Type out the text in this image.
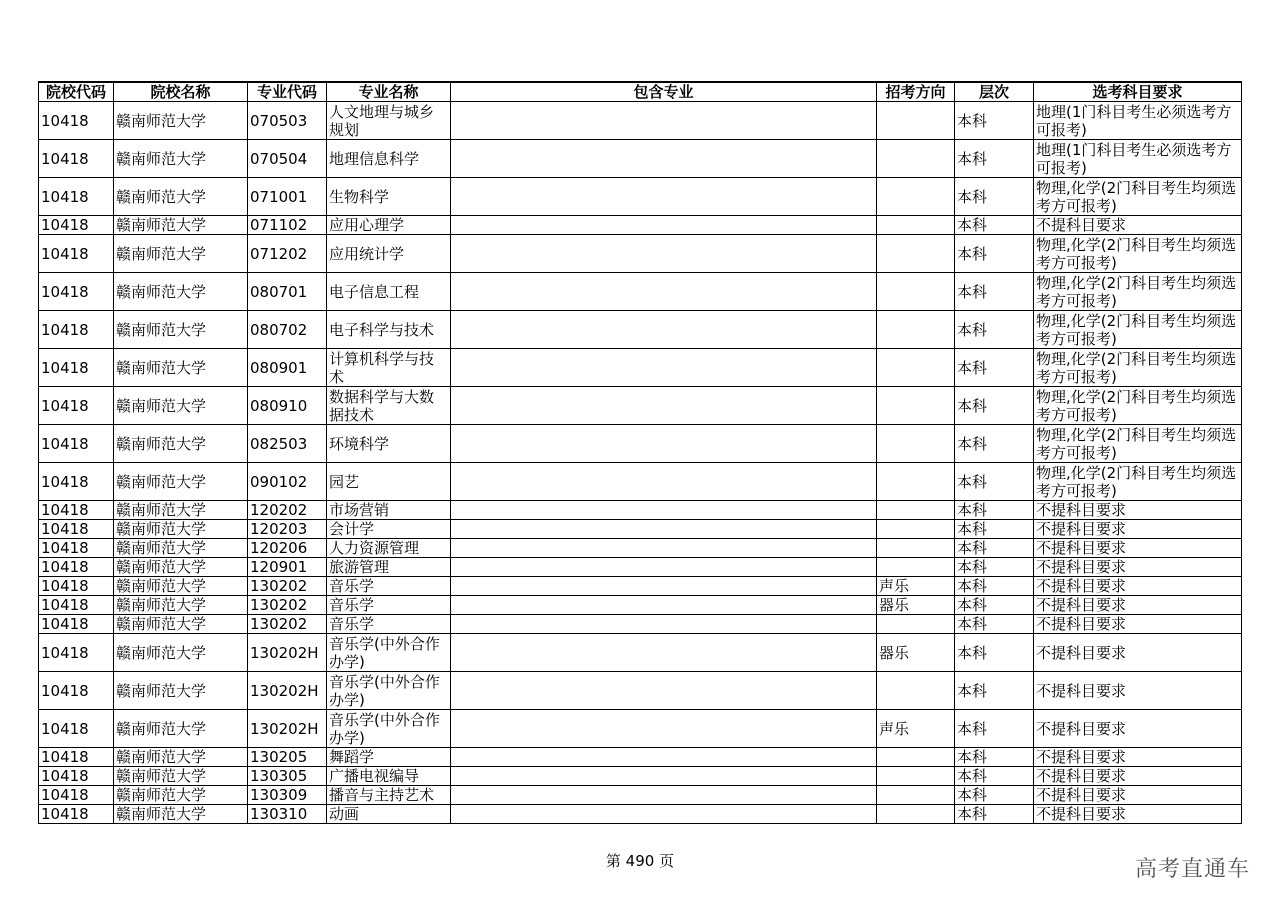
院校代码	院校名称	专业代码	专业名称	包含专业	招考方向	层次	选考科目要求
10418	赣南师范大学	070503	人文地理与城乡规划			本科	地理(1门科目考生必须选考方可报考)
10418	赣南师范大学	070504	地理信息科学			本科	地理(1门科目考生必须选考方可报考)
10418	赣南师范大学	071001	生物科学			本科	物理,化学(2门科目考生均须选考方可报考)
10418	赣南师范大学	071102	应用心理学			本科	不提科目要求
10418	赣南师范大学	071202	应用统计学			本科	物理,化学(2门科目考生均须选考方可报考)
10418	赣南师范大学	080701	电子信息工程			本科	物理,化学(2门科目考生均须选考方可报考)
10418	赣南师范大学	080702	电子科学与技术			本科	物理,化学(2门科目考生均须选考方可报考)
10418	赣南师范大学	080901	计算机科学与技术			本科	物理,化学(2门科目考生均须选考方可报考)
10418	赣南师范大学	080910	数据科学与大数据技术			本科	物理,化学(2门科目考生均须选考方可报考)
10418	赣南师范大学	082503	环境科学			本科	物理,化学(2门科目考生均须选考方可报考)
10418	赣南师范大学	090102	园艺			本科	物理,化学(2门科目考生均须选考方可报考)
10418	赣南师范大学	120202	市场营销			本科	不提科目要求
10418	赣南师范大学	120203	会计学			本科	不提科目要求
10418	赣南师范大学	120206	人力资源管理			本科	不提科目要求
10418	赣南师范大学	120901	旅游管理			本科	不提科目要求
10418	赣南师范大学	130202	音乐学		声乐	本科	不提科目要求
10418	赣南师范大学	130202	音乐学		器乐	本科	不提科目要求
10418	赣南师范大学	130202	音乐学			本科	不提科目要求
10418	赣南师范大学	130202H	音乐学(中外合作办学)		器乐	本科	不提科目要求
10418	赣南师范大学	130202H	音乐学(中外合作办学)			本科	不提科目要求
10418	赣南师范大学	130202H	音乐学(中外合作办学)		声乐	本科	不提科目要求
10418	赣南师范大学	130205	舞蹈学			本科	不提科目要求
10418	赣南师范大学	130305	广播电视编导			本科	不提科目要求
10418	赣南师范大学	130309	播音与主持艺术			本科	不提科目要求
10418	赣南师范大学	130310	动画			本科	不提科目要求
第 490 页	高考直通车
